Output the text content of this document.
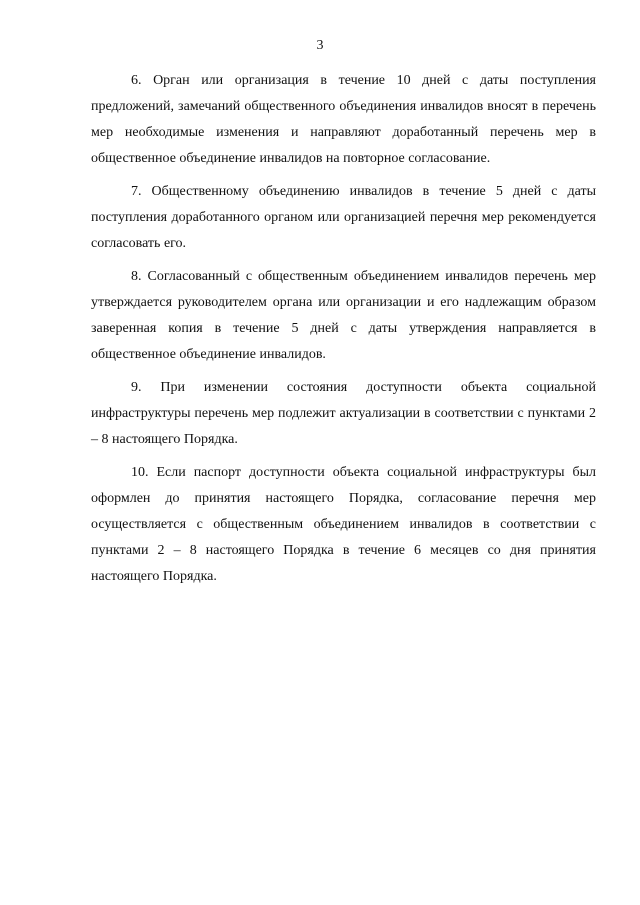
3

6. Орган или организация в течение 10 дней с даты поступления предложений, замечаний общественного объединения инвалидов вносят в перечень мер необходимые изменения и направляют доработанный перечень мер в общественное объединение инвалидов на повторное согласование.

7. Общественному объединению инвалидов в течение 5 дней с даты поступления доработанного органом или организацией перечня мер рекомендуется согласовать его.

8. Согласованный с общественным объединением инвалидов перечень мер утверждается руководителем органа или организации и его надлежащим образом заверенная копия в течение 5 дней с даты утверждения направляется в общественное объединение инвалидов.

9. При изменении состояния доступности объекта социальной инфраструктуры перечень мер подлежит актуализации в соответствии с пунктами 2 – 8 настоящего Порядка.

10. Если паспорт доступности объекта социальной инфраструктуры был оформлен до принятия настоящего Порядка, согласование перечня мер осуществляется с общественным объединением инвалидов в соответствии с пунктами 2 – 8 настоящего Порядка в течение 6 месяцев со дня принятия настоящего Порядка.
